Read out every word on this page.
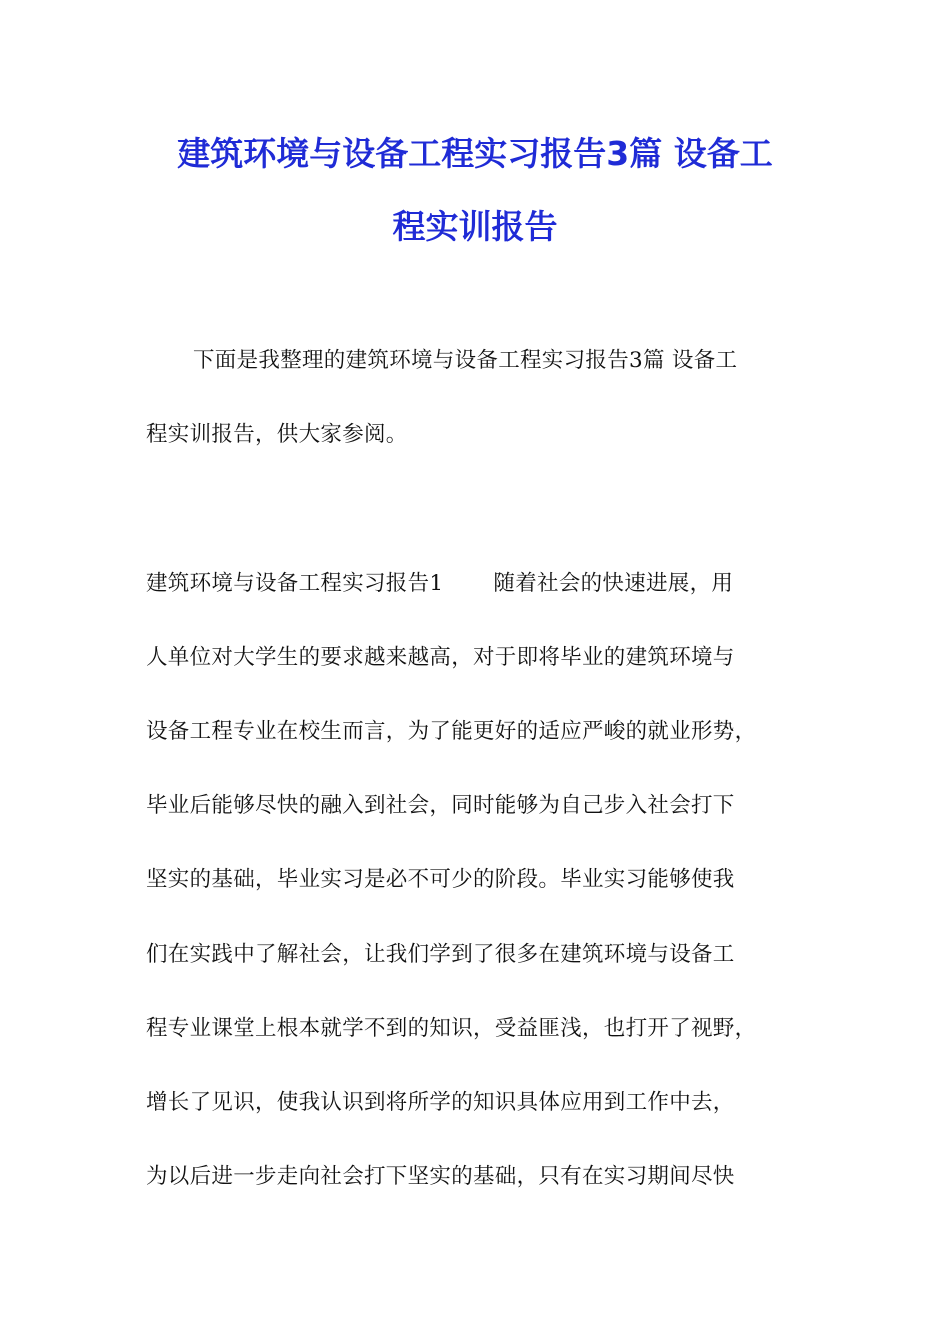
建筑环境与设备工程实习报告3篇 设备工
程实训报告
下面是我整理的建筑环境与设备工程实习报告3篇 设备工
程实训报告，供大家参阅。
建筑环境与设备工程实习报告1 随着社会的快速进展，用
人单位对大学生的要求越来越高，对于即将毕业的建筑环境与
设备工程专业在校生而言，为了能更好的适应严峻的就业形势，
毕业后能够尽快的融入到社会，同时能够为自己步入社会打下
坚实的基础，毕业实习是必不可少的阶段。毕业实习能够使我
们在实践中了解社会，让我们学到了很多在建筑环境与设备工
程专业课堂上根本就学不到的知识，受益匪浅，也打开了视野，
增长了见识，使我认识到将所学的知识具体应用到工作中去，
为以后进一步走向社会打下坚实的基础，只有在实习期间尽快
